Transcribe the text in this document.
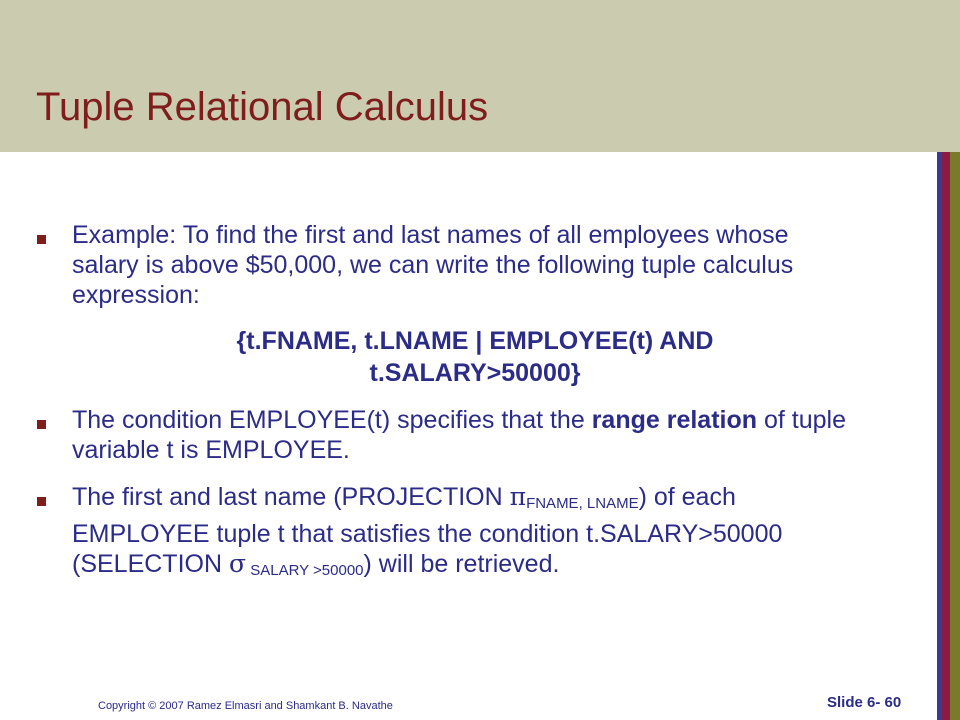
Tuple Relational Calculus
Example: To find the first and last names of all employees whose salary is above $50,000, we can write the following tuple calculus expression:
{t.FNAME, t.LNAME | EMPLOYEE(t) AND
t.SALARY>50000}
The condition EMPLOYEE(t) specifies that the range relation of tuple variable t is EMPLOYEE.
The first and last name (PROJECTION $\pi_{FNAME, LNAME}$) of each EMPLOYEE tuple t that satisfies the condition t.SALARY>50000 (SELECTION σ $_{SALARY >50000}$) will be retrieved.
Copyright © 2007 Ramez Elmasri and Shamkant B. Navathe	Slide 6- 60
